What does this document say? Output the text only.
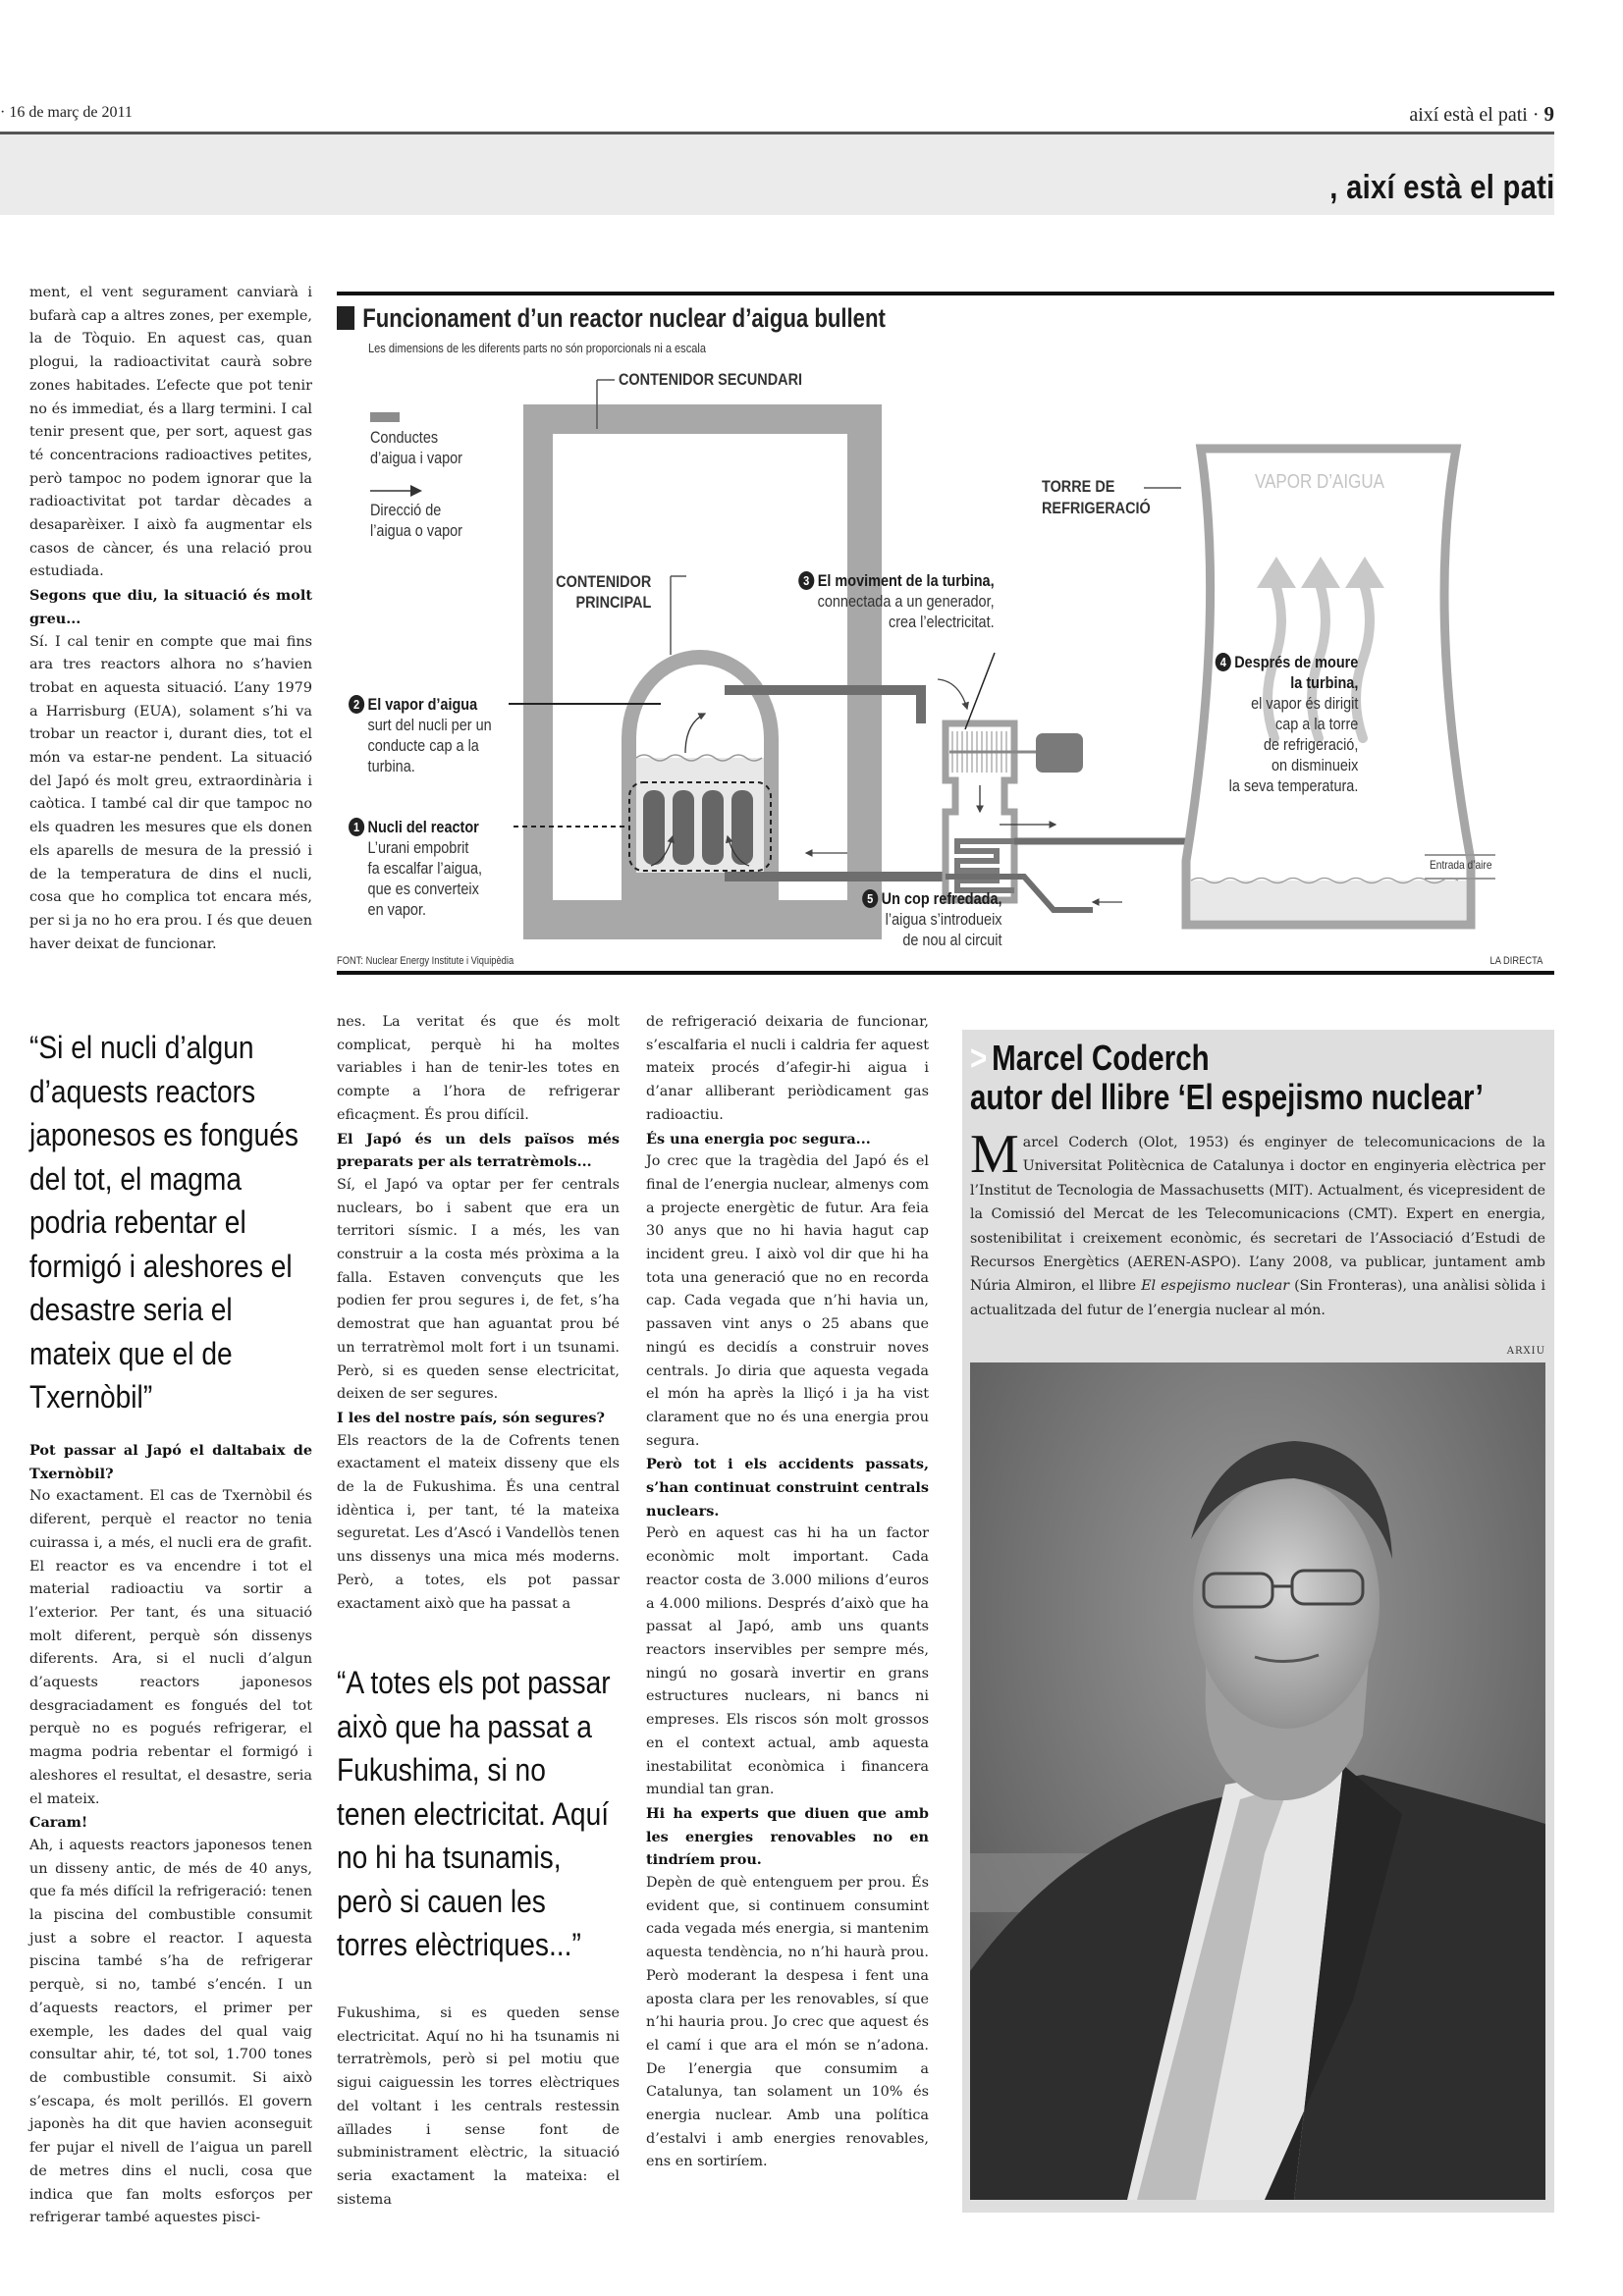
· 16 de març de 2011	així està el pati · 9
, així està el pati

ment, el vent segurament canviarà i bufarà cap a altres zones, per exemple, la de Tòquio. En aquest cas, quan plogui, la radioactivitat caurà sobre zones habitades. L’efecte que pot tenir no és immediat, és a llarg termini. I cal tenir present que, per sort, aquest gas té concentracions radioactives petites, però tampoc no podem ignorar que la radioactivitat pot tardar dècades a desaparèixer. I això fa augmentar els casos de càncer, és una relació prou estudiada.

Segons que diu, la situació és molt greu...

Sí. I cal tenir en compte que mai fins ara tres reactors alhora no s’havien trobat en aquesta situació. L’any 1979 a Harrisburg (EUA), solament s’hi va trobar un reactor i, durant dies, tot el món va estar-ne pendent. La situació del Japó és molt greu, extraordinària i caòtica. I també cal dir que tampoc no els quadren les mesures que els donen els aparells de mesura de la pressió i de la temperatura de dins el nucli, cosa que ho complica tot encara més, per si ja no ho era prou. I és que deuen haver deixat de funcionar.

Funcionament d’un reactor nuclear d’aigua bullent
Les dimensions de les diferents parts no són proporcionals ni a escala
Conductes
d’aigua i vapor
Direcció de
l’aigua o vapor
CONTENIDOR SECUNDARI
CONTENIDOR
PRINCIPAL
TORRE DE
REFRIGERACIÓ
VAPOR D’AIGUA
Entrada d’aire
2 El vapor d’aigua
surt del nucli per un
conducte cap a la
turbina.
1 Nucli del reactor
L’urani empobrit
fa escalfar l’aigua,
que es converteix
en vapor.
3 El moviment de la turbina,
connectada a un generador,
crea l’electricitat.
4 Després de moure
la turbina,
el vapor és dirigit
cap a la torre
de refrigeració,
on disminueix
la seva temperatura.
5 Un cop refredada,
l’aigua s’introdueix
de nou al circuit
FONT: Nuclear Energy Institute i Viquipèdia	LA DIRECTA
“Si el nucli d’algun d’aquests reactors japonesos es fongués del tot, el magma podria rebentar el formigó i aleshores el desastre seria el mateix que el de Txernòbil”

Pot passar al Japó el daltabaix de Txernòbil?

No exactament. El cas de Txernòbil és diferent, perquè el reactor no tenia cuirassa i, a més, el nucli era de grafit. El reactor es va encendre i tot el material radioactiu va sortir a l’exterior. Per tant, és una situació molt diferent, perquè són dissenys diferents. Ara, si el nucli d’algun d’aquests reactors japonesos desgraciadament es fongués del tot perquè no es pogués refrigerar, el magma podria rebentar el formigó i aleshores el resultat, el desastre, seria el mateix.

Caram!

Ah, i aquests reactors japonesos tenen un disseny antic, de més de 40 anys, que fa més difícil la refrigeració: tenen la piscina del combustible consumit just a sobre el reactor. I aquesta piscina també s’ha de refrigerar perquè, si no, també s’encén. I un d’aquests reactors, el primer per exemple, les dades del qual vaig consultar ahir, té, tot sol, 1.700 tones de combustible consumit. Si això s’escapa, és molt perillós. El govern japonès ha dit que havien aconseguit fer pujar el nivell de l’aigua un parell de metres dins el nucli, cosa que indica que fan molts esforços per refrigerar també aquestes pisci-

nes. La veritat és que és molt complicat, perquè hi ha moltes variables i han de tenir-les totes en compte a l’hora de refrigerar eficaçment. És prou difícil.

El Japó és un dels països més preparats per als terratrèmols...

Sí, el Japó va optar per fer centrals nuclears, bo i sabent que era un territori sísmic. I a més, les van construir a la costa més pròxima a la falla. Estaven convençuts que les podien fer prou segures i, de fet, s’ha demostrat que han aguantat prou bé un terratrèmol molt fort i un tsunami. Però, si es queden sense electricitat, deixen de ser segures.

I les del nostre país, són segures?

Els reactors de la de Cofrents tenen exactament el mateix disseny que els de la de Fukushima. És una central idèntica i, per tant, té la mateixa seguretat. Les d’Ascó i Vandellòs tenen uns dissenys una mica més moderns. Però, a totes, els pot passar exactament això que ha passat a

“A totes els pot passar això que ha passat a Fukushima, si no tenen electricitat. Aquí no hi ha tsunamis, però si cauen les torres elèctriques...”

Fukushima, si es queden sense electricitat. Aquí no hi ha tsunamis ni terratrèmols, però si pel motiu que sigui caiguessin les torres elèctriques del voltant i les centrals restessin aïllades i sense font de subministrament elèctric, la situació seria exactament la mateixa: el sistema

de refrigeració deixaria de funcionar, s’escalfaria el nucli i caldria fer aquest mateix procés d’afegir-hi aigua i d’anar alliberant periòdicament gas radioactiu.

És una energia poc segura...

Jo crec que la tragèdia del Japó és el final de l’energia nuclear, almenys com a projecte energètic de futur. Ara feia 30 anys que no hi havia hagut cap incident greu. I això vol dir que hi ha tota una generació que no en recorda cap. Cada vegada que n’hi havia un, passaven vint anys o 25 abans que ningú es decidís a construir noves centrals. Jo diria que aquesta vegada el món ha après la lliçó i ja ha vist clarament que no és una energia prou segura.

Però tot i els accidents passats, s’han continuat construint centrals nuclears.

Però en aquest cas hi ha un factor econòmic molt important. Cada reactor costa de 3.000 milions d’euros a 4.000 milions. Després d’això que ha passat al Japó, amb uns quants reactors inservibles per sempre més, ningú no gosarà invertir en grans estructures nuclears, ni bancs ni empreses. Els riscos són molt grossos en el context actual, amb aquesta inestabilitat econòmica i financera mundial tan gran.

Hi ha experts que diuen que amb les energies renovables no en tindríem prou.

Depèn de què entenguem per prou. És evident que, si continuem consumint cada vegada més energia, si mantenim aquesta tendència, no n’hi haurà prou. Però moderant la despesa i fent una aposta clara per les renovables, sí que n’hi hauria prou. Jo crec que aquest és el camí i que ara el món se n’adona. De l’energia que consumim a Catalunya, tan solament un 10% és energia nuclear. Amb una política d’estalvi i amb energies renovables, ens en sortiríem.

> Marcel Coderch
autor del llibre ‘El espejismo nuclear’
Marcel Coderch (Olot, 1953) és enginyer de telecomunicacions de la Universitat Politècnica de Catalunya i doctor en enginyeria elèctrica per l’Institut de Tecnologia de Massachusetts (MIT). Actualment, és vicepresident de la Comissió del Mercat de les Telecomunicacions (CMT). Expert en energia, sostenibilitat i creixement econòmic, és secretari de l’Associació d’Estudi de Recursos Energètics (AEREN-ASPO). L’any 2008, va publicar, juntament amb Núria Almiron, el llibre El espejismo nuclear (Sin Fronteras), una anàlisi sòlida i actualitzada del futur de l’energia nuclear al món.
ARXIU
